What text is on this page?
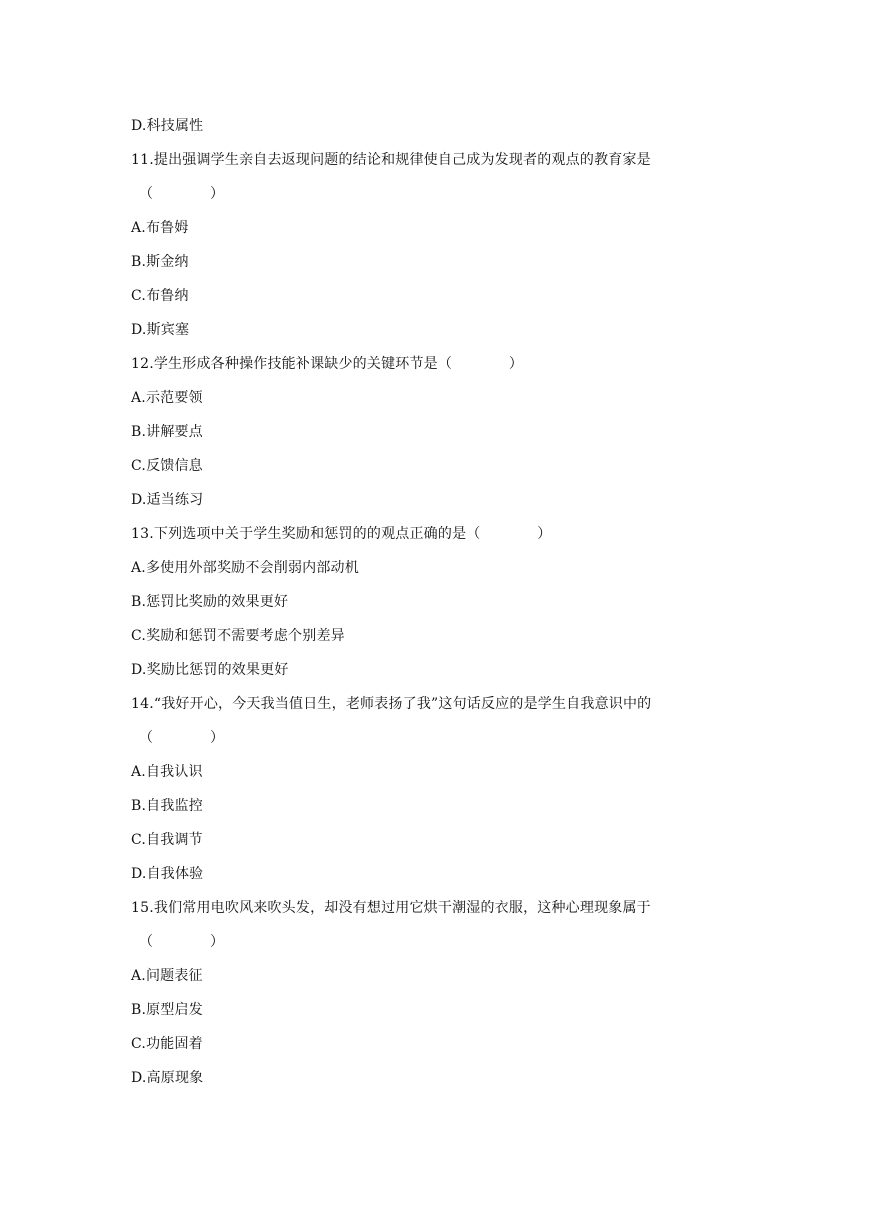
D.科技属性
11.提出强调学生亲自去返现问题的结论和规律使自己成为发现者的观点的教育家是
（　　　　）
A.布鲁姆
B.斯金纳
C.布鲁纳
D.斯宾塞
12.学生形成各种操作技能补课缺少的关键环节是（　　　　）
A.示范要领
B.讲解要点
C.反馈信息
D.适当练习
13.下列选项中关于学生奖励和惩罚的的观点正确的是（　　　　）
A.多使用外部奖励不会削弱内部动机
B.惩罚比奖励的效果更好
C.奖励和惩罚不需要考虑个别差异
D.奖励比惩罚的效果更好
14.“我好开心，今天我当值日生，老师表扬了我”这句话反应的是学生自我意识中的
（　　　　）
A.自我认识
B.自我监控
C.自我调节
D.自我体验
15.我们常用电吹风来吹头发，却没有想过用它烘干潮湿的衣服，这种心理现象属于
（　　　　）
A.问题表征
B.原型启发
C.功能固着
D.高原现象
